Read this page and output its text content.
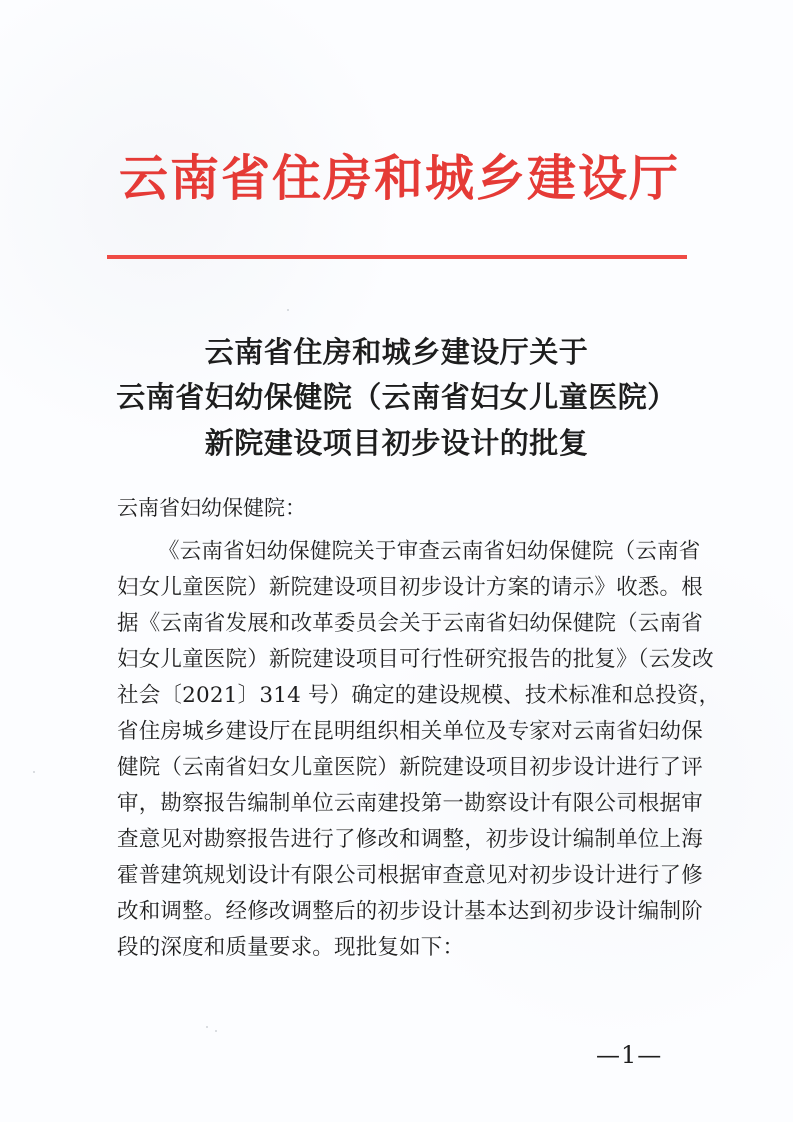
云南省住房和城乡建设厅
云南省住房和城乡建设厅关于
云南省妇幼保健院（云南省妇女儿童医院）
新院建设项目初步设计的批复
云南省妇幼保健院：
《云南省妇幼保健院关于审查云南省妇幼保健院（云南省
妇女儿童医院）新院建设项目初步设计方案的请示》收悉。根
据《云南省发展和改革委员会关于云南省妇幼保健院（云南省
妇女儿童医院）新院建设项目可行性研究报告的批复》（云发改
社会〔2021〕314 号）确定的建设规模、技术标准和总投资，
省住房城乡建设厅在昆明组织相关单位及专家对云南省妇幼保
健院（云南省妇女儿童医院）新院建设项目初步设计进行了评
审，勘察报告编制单位云南建投第一勘察设计有限公司根据审
查意见对勘察报告进行了修改和调整，初步设计编制单位上海
霍普建筑规划设计有限公司根据审查意见对初步设计进行了修
改和调整。经修改调整后的初步设计基本达到初步设计编制阶
段的深度和质量要求。现批复如下：
—1—
